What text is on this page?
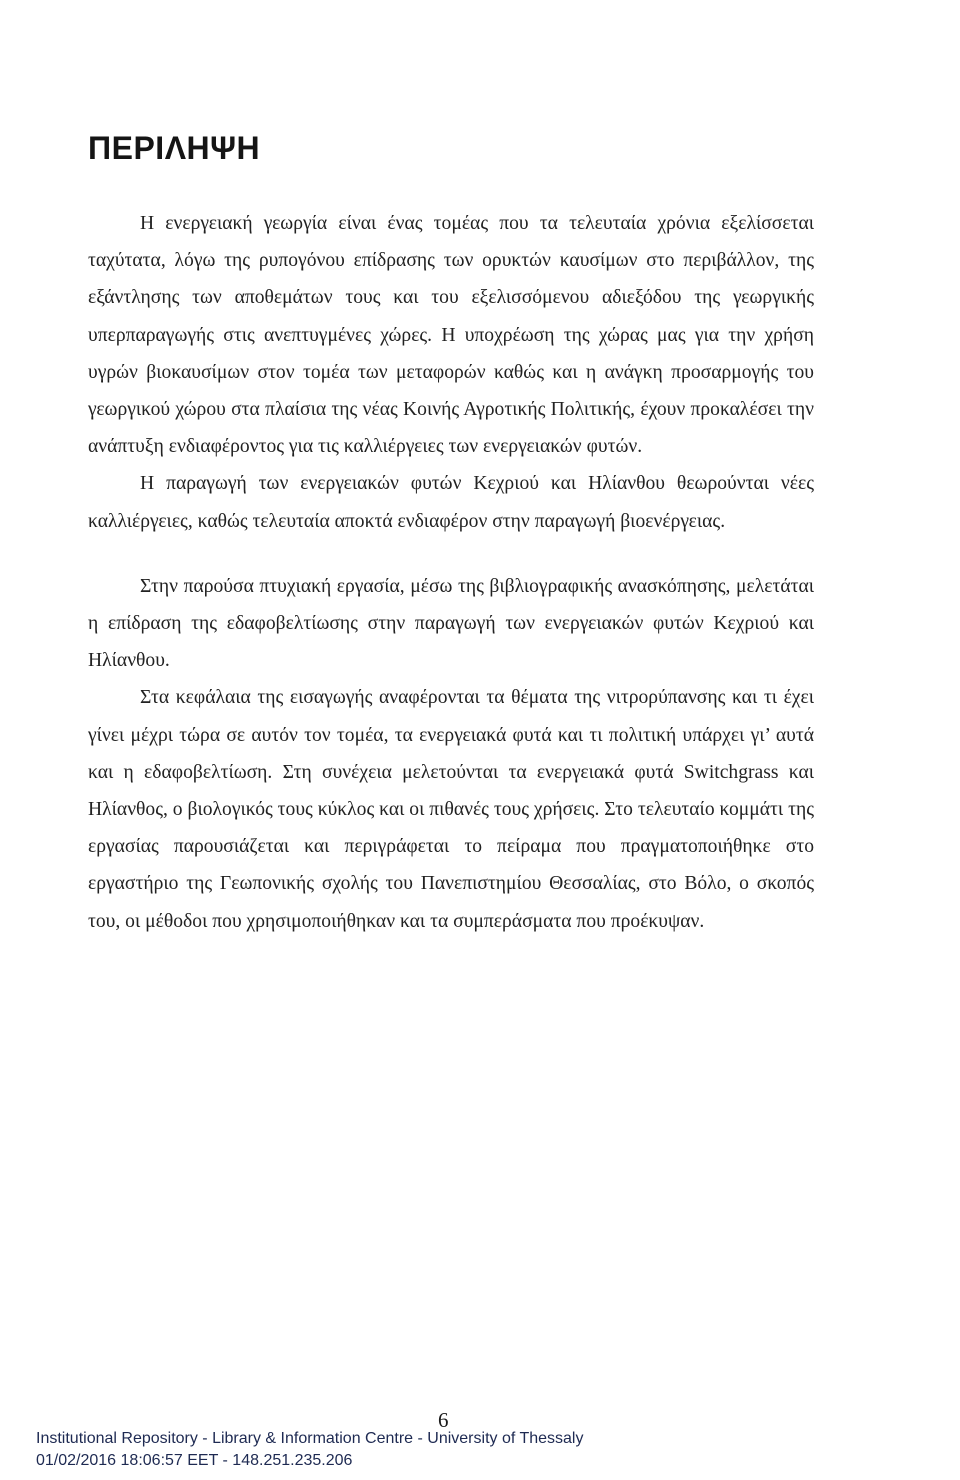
ΠΕΡΙΛΗΨΗ

Η ενεργειακή γεωργία είναι ένας τομέας που τα τελευταία χρόνια εξελίσσεται ταχύτατα, λόγω της ρυπογόνου επίδρασης των ορυκτών καυσίμων στο περιβάλλον, της εξάντλησης των αποθεμάτων τους και του εξελισσόμενου αδιεξόδου της γεωργικής υπερπαραγωγής στις ανεπτυγμένες χώρες. Η υποχρέωση της χώρας μας για την χρήση υγρών βιοκαυσίμων στον τομέα των μεταφορών καθώς και η ανάγκη προσαρμογής του γεωργικού χώρου στα πλαίσια της νέας Κοινής Αγροτικής Πολιτικής, έχουν προκαλέσει την ανάπτυξη ενδιαφέροντος για τις καλλιέργειες των ενεργειακών φυτών.

Η παραγωγή των ενεργειακών φυτών Κεχριού και Ηλίανθου θεωρούνται νέες καλλιέργειες, καθώς τελευταία αποκτά ενδιαφέρον στην παραγωγή βιοενέργειας.

Στην παρούσα πτυχιακή εργασία, μέσω της βιβλιογραφικής ανασκόπησης, μελετάται η επίδραση της εδαφοβελτίωσης στην παραγωγή των ενεργειακών φυτών Κεχριού και Ηλίανθου.

Στα κεφάλαια της εισαγωγής αναφέρονται τα θέματα της νιτρορύπανσης και τι έχει γίνει μέχρι τώρα σε αυτόν τον τομέα, τα ενεργειακά φυτά και τι πολιτική υπάρχει γι’ αυτά και η εδαφοβελτίωση. Στη συνέχεια μελετούνται τα ενεργειακά φυτά Switchgrass και Ηλίανθος, ο βιολογικός τους κύκλος και οι πιθανές τους χρήσεις. Στο τελευταίο κομμάτι της εργασίας παρουσιάζεται και περιγράφεται το πείραμα που πραγματοποιήθηκε στο εργαστήριο της Γεωπονικής σχολής του Πανεπιστημίου Θεσσαλίας, στο Βόλο, ο σκοπός του, οι μέθοδοι που χρησιμοποιήθηκαν και τα συμπεράσματα που προέκυψαν.

6
Institutional Repository - Library & Information Centre - University of Thessaly
01/02/2016 18:06:57 EET - 148.251.235.206
